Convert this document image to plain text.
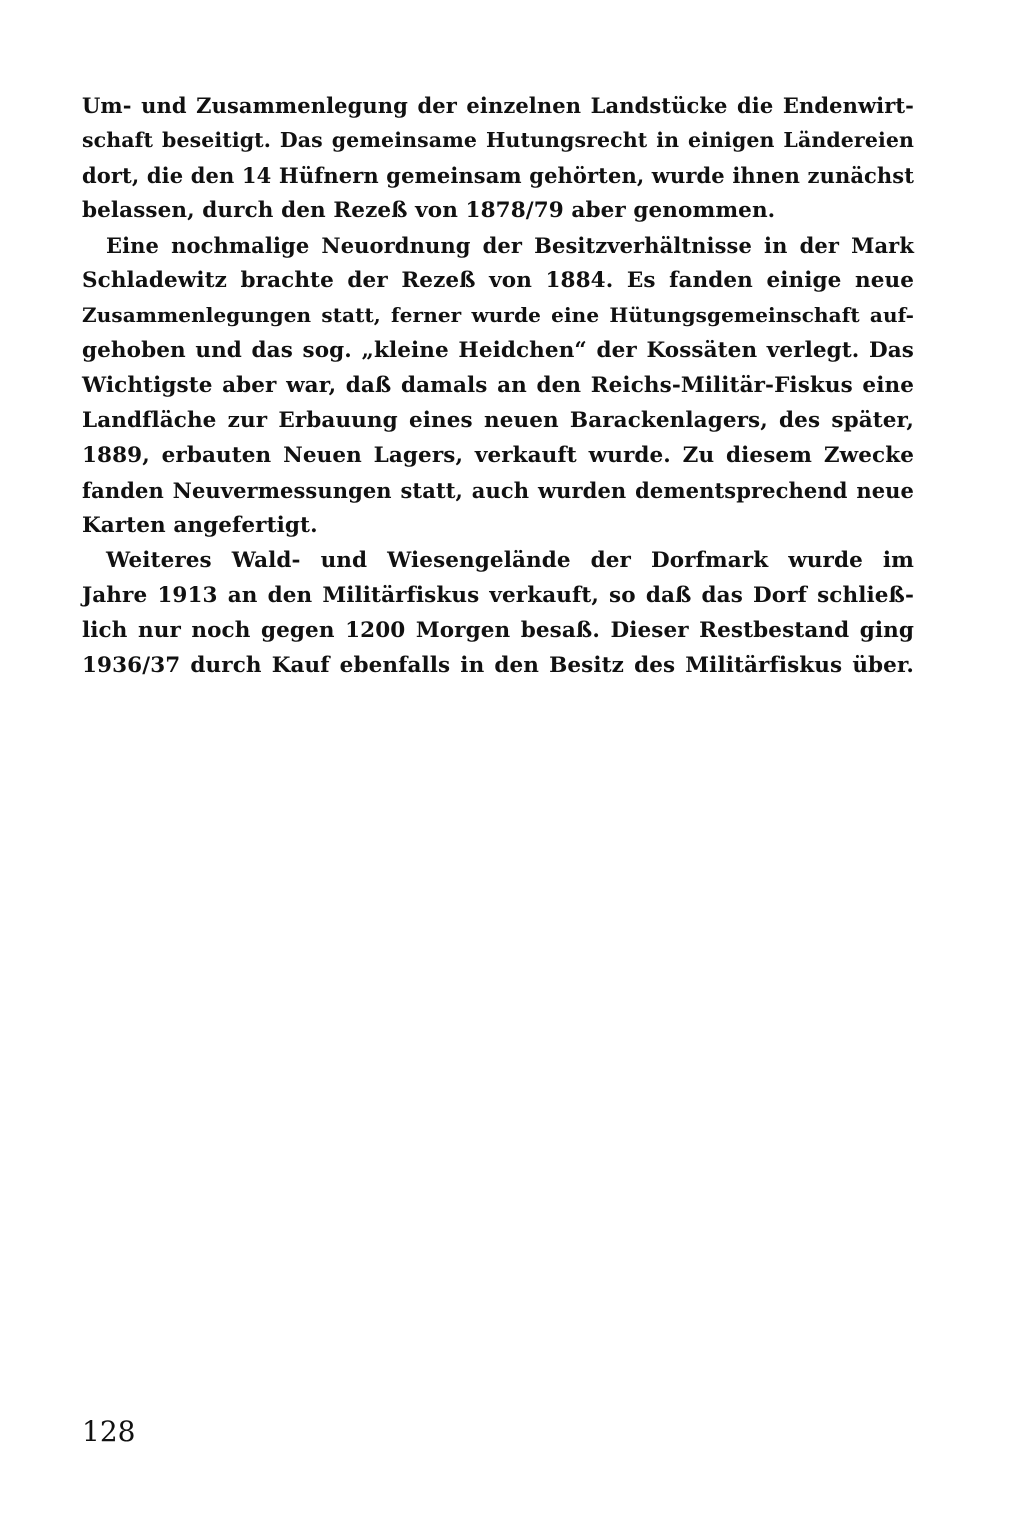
Um- und Zusammenlegung der einzelnen Landstücke die Endenwirt-
schaft beseitigt. Das gemeinsame Hutungsrecht in einigen Ländereien
dort, die den 14 Hüfnern gemeinsam gehörten, wurde ihnen zunächst
belassen, durch den Rezeß von 1878/79 aber genommen.
Eine nochmalige Neuordnung der Besitzverhältnisse in der Mark
Schladewitz brachte der Rezeß von 1884. Es fanden einige neue
Zusammenlegungen statt, ferner wurde eine Hütungsgemeinschaft auf-
gehoben und das sog. „kleine Heidchen“ der Kossäten verlegt. Das
Wichtigste aber war, daß damals an den Reichs-Militär-Fiskus eine
Landfläche zur Erbauung eines neuen Barackenlagers, des später,
1889, erbauten Neuen Lagers, verkauft wurde. Zu diesem Zwecke
fanden Neuvermessungen statt, auch wurden dementsprechend neue
Karten angefertigt.
Weiteres Wald- und Wiesengelände der Dorfmark wurde im
Jahre 1913 an den Militärfiskus verkauft, so daß das Dorf schließ-
lich nur noch gegen 1200 Morgen besaß. Dieser Restbestand ging
1936/37 durch Kauf ebenfalls in den Besitz des Militärfiskus über.
128
